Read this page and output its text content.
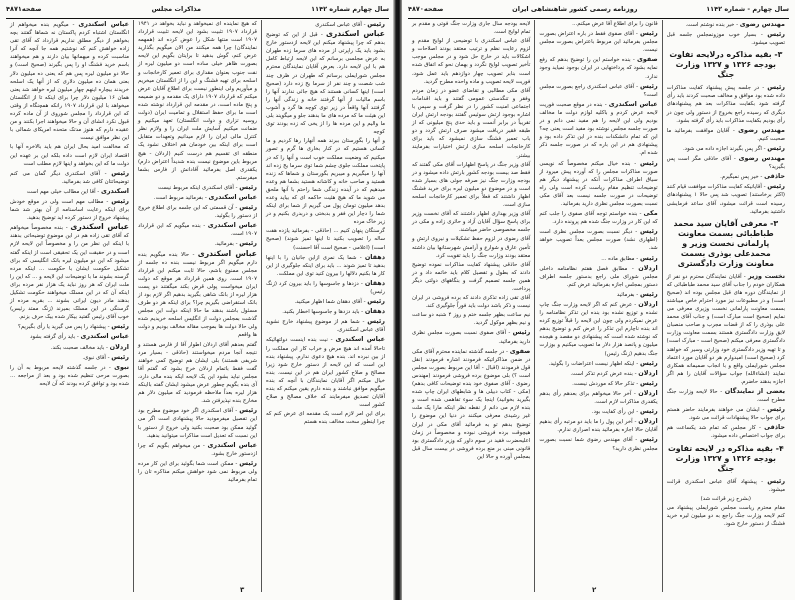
سال چهارم شماره ۱۱۴۲
مذاکرات مجلس
صفحه۴۸۷۱
رئیس - آقای عباس اسکندری
عباس اسکندری - قبل از این که توضیح بدهم که چرا پیشنهاد میکنم این لایحه ازدستور خارج بشود باید یک راپرتی از مرده های سرما زده طهران به عرض مجلسی برسانم که این لایحه ارتباط کامل هم با این لایحه دارد. بعرض آقایان نمایندگان محترم مجلس شورایملی برسانم که طهران در ظرف چند شب شصت و چند نفر از سرما یخ زده دارد (صحیح است) اینها کسانی هستند که هیچ جائی ندارند آنها را باسم مالیات از آنها گرفتند خانه و زندگی آنها را گرفتند آنها واقعاً در زیر توی کوچه ها گرد و آشوب این هیئت ما که مرده های ما بدهند جلو و میگویند بلی ما والیم و این مرده ها را از یخی که زده بودند توی کوچه
و آنها را بگورستان ببرند همه آنهارا رها کردیم و ما کسانی هستیم که در کنار بخاری ها گرم و تصور میکنیم که وضعیت مملکت خوب است و آنها را که در پایتخت مملکت جلوی چشم شما توی سرما یخ زده اند آنها را میگیریم و میبریم بگورستان و شماها که زنده هستید و صاحب خانه و کاشانه هستید بشما هم وعده میدهیم که در آینده زندگی شما راحتم با آنها ملحق می شوید ما که هیچ هئیت حاکمه ای که بیاید وعده بدهد میلیون تومان پول می گیریم از شما برای اینکه شما را دچار این فقر و بدبختی و دربدری بکنیم و در زیر خاک مرده
گرسنگان پنهان کنیم ... (حاذقی - بفرمائید یازده هفت ساله را تصویب بکنید تا اینها تمیز شوند) (صحیح است) (اعلامی - صحیح است آقا احسنت)
دهقان - شما یک نمری ازاین جانیان را با اینها بدهید تا تمیز شوند ... باید برای اینکه جلوگیری از این کار ها بکنیم دلالها را بیرون کنید توی این مملکت.
دهقان - دزدها و جاسوسها را باید بیرون کرد (زنگ رئیس)
رئیس - آقای دهقان شما اظهار میکنید.
دهقان - باید دزدها و جاسوسها اخطار بکنید.
رئیس - شما هم از موضوع پیشنهاد خارج نشوید آقای عباس اسکندری.
عباس اسکندری - نیت بنده اینست دولتهائیکه تاحالا آمده اند هیچ مرض و خراب کار این مملکت را از بین نبرده اند. بنده هیچ دعوی ندارم. پیشنهاد بنده این است که این لایحه از دستور خارج شود زیرا مصالح و صلاح کشور ایران هم در این نیست. بنده خیال میکنم اگر آقایان نمایندگان با آنچه که بنده میگویم موافق نباشند و بنده دارم یقین میکنم که بنده آقایان تصدیق میفرمایند که خلاف مصالح و صلاح کشور است
برای این امر لازم است یک مقدمه ای عرض کنم که چرا اینطور سخت مخالف بنده هستم
که هیچ نماینده ای نمیخواهد و نباید بخواهد در ۱۹۴۱ قرارداد ۱۹۰۷ تثبیت بشود این لایحه تثبیت قرارداد ۱۹۰۷ است منتها شکل را عوض کرده اند (همهمه نمایندگان) چرا همه میکنند من الان میگویم بگذارید عرض کنم، گوش بدهید تا برایتان بگویم این لایحه بصورت ظاهر خیلی ساده است دو میلیون لیره از نفت جنوب بعنوان مقداری برای تعمیر کارخانجات و اسلحه برای تهیه فشنگ و این را از انگلستان میخریم و میآوریم ولی اینطور نیست برای اطلاع آقایان عرض میکنم که قرارداد ۱۹۰۷ دارای یک مقدمه و دو ضمیمه و پنج ماده است، در مقدمه این قرارداد نوشته شده است ما برای حفظ استقلال و تمامیت ایران (دولت روسیه تزاری و دولت انگلستان) تعهد میکنیم و ضمانت میکنیم آسایش ملت ایران را و ولازم نظر کنترل مالی ایران را لازم میدانیم وتعهدات متقابل است برای اینکه بین خودمان هم اختلاف نشود یک منطقه ای تقسیم هم درست کنیم (اردلان - هیچ مربوط باین موضوع نیست بنده شدیداً اعتراض دارم) یکقدری اصل بفرمائید آقادانش از فارس بشما میفرستم.
رئیس - آقای اسکندری اینکه مربوط نیست
عباس اسکندری - بفرمائید مربوط است.
رئیس - آن قسمتی که این جلسه برای اطلاع خروج از دستور را بگوئید.
عباس اسکندری - بنده میگویم که این قرارداد ۱۹۰۷ است.
رئیس - بفرمائید.
عباس اسکندری - حالا بنده میگویم بنده دارم میگویم اگر مربوط نیست بنده ده جلسه از مجلس ممنوع باشم، حالا ثابت میکنم این قرارداد ۱۹۰۷ است. روی همین قرارداد هر موقع که دولت ایران میخواست پولی قرض بکند میگفتند دو پست هزار لیره از بانک شاهی بگیرید بدهیم اگر لازم بود از بانک استقراضی بگیریم چرا؟ برای اینکه هر دو طرف مسئول باشند بدهند ما حالا اینکه دولت این مجلس گذشت بمجلس دولت از انگلیس اسلحه خریدیم شده ولی حالا دولت ها بموجب مقاله مخالف بودیم و دولت ها واقعم
گفتم بعدهم آقای اردلان اطوار آقا از فارس هستند و نتیجه آنجا مردم میخواستند (حاذقی - بسیار مرد شریفی هستند) بلی ایشان هم توضیح کمی خواهند گفت فقط باتمام اردلان خرج بشود که گفتم آقا مجلس نباید بشود این یک لایحه ایکه بنده مالی دارد، آی بنده بگویم چطور عرض میشود ایشان گفته بااینکه هزار لیره بعداً ملاحظه فرمودید که میلیون دلار هم مخارج بنده نپذیرفتن شد.
رئیس - آقای اسکندری اگر خود موضوع مطرح بود این تفصیل میفرمودید حالا پیشنهادی است اگر می گوئید ممکن بود صحبت بکنید ولی خروج از دستور با این نسبت که تعدیل است مذاکرات میتوانید بدهید.
عباس اسکندری - من میخواهم بگویم که چرا ازدستور خارج بشود.
رئیس - ممکن است شما بگوئید برای این کار مرده ولی مربوط نمی شود خواهش میکنم مذاکره تان را تمام بفرمائید
عباس اسکندری - میگویم بنده میخواهم از انگلستان اشتباه کردم پاکستان نه شماها گفتند بچه بخواهم از دیگر مطلق نداریم قرارداد که آقای تقی زاده خواهش کنم که نوشتیم همه جا آنچه که آنرا مناسبت کرده و میهمانها بیان دارند و هم میخواهند باسم خرید فشنگ او را پس بگیرند (صحیح است) و حالا دو میلیون لیره پس هم که یعنی ده میلیون دلار بعنی همان ده میلیون دلاری که از آنها یک اسلحه خریدند بیچاره اینهم چهار میلیون لیره خواهد شد یعنی همان ۱۶ میلیون دلار چرا برای اینکه تا از انگلستان میخواهد با این قرارداد ۱۹۰۷ رانکه همچنگاه از وقتی که این قرارداد را مجلس شوروی از آن ماده کرده قبول نکرد انشای آن و حالا میخواهند اجرا بکنند و من عقیده دارم که هنوز مدتک متحده امریکای شمالی با این نظر موافق نیست
که مخالفت امید بحال ایران هم باید بالاخره آنها با اقتصاد ایران لازم است داده بلکه این بر عهده این دولت ما که این بخواهد و اینها لازم مطلب است
رئیس - آقای اسکندری دیگر گمان می کنم توضیحاتتان کافی شد بفرمائید.
اسکندری - آقا این مطالب خیلی مهم است
رئیس - مطالب مهم است ولی در موقع خودش برای اینکه رعایت اساسنامه از آن بهتر شد شما پیشنهاد خروج از دستور کرده اید توضیح بدهید.
عباس اسکندری - بنده مخصوصاً میخواهم که آقای تقی زاده هم در این موضوع توضیحاتی بدهند با اینکه این نظر من را و مخصوصاً این لایحه لازم است و در حقیقت این یک تحقیقی است از اینکه گفته میشود که این دو میلیون لیره بانک انگلیسی که برای تشکیل حکومت ایشان با حکومت ... اینکه مرده گرسنه بشوند ما با توضیحات این لایحه و ... که این را ملت ایران که هر روز نباید یک هزار نفر مرده برای اینکه آن که در این مسلک میخواهند حکومت تشکیل بدهند مادر دیون ایرانی بشوند ... بقریه مرده از گرسنگی در این مسلک بمیرند (زنگ ممتد رئیس) خوب آقای رئیس گفتید بیکار شده بیک حرف بزنم.
رئیس - پیشنهاد را پس می گیرید یا رأی بگیریم؟
عباس اسکندری - باید رأی گرفته بشود
اردلان - باید مخالف صحبت بکند.
رئیس - آقای نبوی.
نبوی - در جلسه گذشته لایحه مربوط به آن را بصورت مرحی تنظیم شده بود و بعد از مراجعه ... شده بود و توافق کرده بودند که آن لایحه
۳
سال چهارم - شماره ۱۱۴۲
روزنامه رسمی کشور شاهنشاهی ایران
صفحه۴۸۷۰
مهندس رضوی - خیر بنده نوشتم است.
رئیس - بسیار خوب موزونمجلس جلسه قبل تصویب میشود.
۳- بقیه مذاکره درلایحه تفاوت بودجه ۱۳۲۶ و ۱۳۲۷ وزارت جنگ
رئیس - در جلسه پیش پیشنهاد کفایت مذاکرات داده شده بود موافق و مخالف صحبت کردند باید رأی گرفته شود بکفایت مذاکرات بعد هم پیشنهادهای دیگری که رسیده راجع بخروج از دستور ولی چون در رأی بودیم بکفایت مذاکرات باید رأی گرفته بشود.
مهندس رضوی - آقایان موافقت بفرمائید ما صحبت کنیم.
رئیس - اگر پس بگیرند اجازه داده می شود.
مهندس رضوی - آقای حاذقی مگر است پس بگیرید؟
حاذقی - خیر پس نمیگیرم.
رئیس - آقایانیکه کفایت مذاکرات موافقت قیام کنند (اکثر برخاستند) تصویب شد پس حالا ۱ پیشنهادهای رسیده است قرائت میشود، آقای ساعد فرمایشی داشتید بفرمائید.
۳- معرفی آقایان سید محمد طباطبائی بسمت معاونت پارلمانی نخست وزیر و محمدعلی بوذری بسمت معاونت وزارت دادگستری
نخست وزیر - آقایان نمایندگان محترم دو نفر از همکاران خودم را جناب آقای سید محمد طباطبائی که از نمایندگان دوره های قبل مجلس بوده اند (صحیح است) و در مطبوعات نیز مورد احترام خاص میباشند بسمت معاونت پارلمانی نخست وزیری معرفی می نمایم (صحیح است مبارک است) و جناب آقای محمد علی بوذری را که از قضات مجرب و صاحب منصبان لایق وزارت دادگستری هستند بسمت معاونت وزارت دادگستری معرفی میکنم (صحیح است - مبارک است) و تا تهیه وزیر دادگستری خود وزارتی وسیر که خواهند کرد (صحیح است) امیدوارم هر دو آقایان مورد اعتماد مجلس شورایملی واقع و با انجاب صمیمانه همکاری نمایند (انشاءالله) جواب سؤالات آقایان را هم اگر اجازه بدهند حاضرم.
بعضی از نمایندگان - حالا لایحه وزارت جنگ مطرح است.
رئیس - ایشان می خواهند بفرمایند حاضر هستم برای جواب حالا پیشنهادات قرائت می شود.
حاذقی - کار مجلس که تمام شد یکساعت هم برای جواب اختصاص داده میشود.
۴- بقیه مذاکره در لایحه تفاوت بودجه ۱۳۲۶ و ۱۳۲۷ وزارت جنگ
رئیس - پیشنهاد آقای عباس اسکندری قرائت میشود.
(بشرح زیر قرائت شد)
مقام محترم ریاست مجلس شورایملی پیشنهاد می کنم لایحه وزارت جنگ راجع به دو میلیون لیره خرید فشنگ از دستور خارج شود.
قانون را برای اطلاع آقا عرض میکنم...
رئیس - آقای صفوی فقط در باره اعتراض بصورت مجلس بفرمائید این مربوط باعتراض بصورت مجلس نیست.
صفوی - بنده خواستم این را توضیح بدهم که رفع نمایه بشود که پرداختهایی در ایران بوجود نمیاید وجود ندارد.
رئیس - آقای عباس اسکندری راجع بصورت مجلس است؟
عباس اسکندری - بنده در موقع صحبت فوریت لایحه عرض کردم و باکلیه لوازم دولت ما مخالف بودیم ولی این لایحه را هم مفید نمی دانم و در صورت جلسه مجلس نوشته بود مفید است یعنی چه؟ این که تمام دانشکدات بنده در این تذکر داده بود و پیشنهادی هم در این باره که در صورت جلسه ذکر شده ام.
رئیس - بنده خیال میکنم مخصوصاً که نویسی صورت مذاکرات مجلس را که آورده پیش میرود از سیاق اطراف مذاکرات آنکه در پیشنهاد دیگر هم توضیحات تنظیم مقام ریاست کرده است ولی راه توضیحات در صورت جلسه نیست بعد آقای مکی نسبت بصورت مجلس نظری دارید بفرمائید.
مکی - بنده خواستم توجه آقای صفوی را جلب کنم که این کار در وزارت جنگ شده هم پرونده دارد.
رئیس - دیگر نسبت بصورت مجلس نظری است (اظهاری نشد) صورت مجلس بعداً تصویب خواهد شد.
رئیس - مطابق ماده ...
اردلان - مطابق فصل هفتم نظامنامه داخلی مجلس شورای ملی راجع بدستور جلسه اطراف دستور بمجلس اجازه بفرمائید عرض کنم.
رئیس - بفرمائید
اردلان - عرض کنم که اگر لایحه وزارت جنگ چاپ نشده و توزیع نشده بود بنده این تذکر نظامنامه را عرض نمیکردم ولی چون این لایحه را قبلاً توزیع کرده اند بنده ناچارم این تذکر را عرض کنم و توضیح بدهم که نوشته شده است که پیشنهادی دو مقصد و هیجده میلیون و پانصد هزار دلار ما تصویب میکنیم و بوزارت جنگ بدهیم (زنگ رئیس)
رئیس - اینکه اظهار نیست اعتراضات را بگوئید.
اردلان - بنده عرض کردم تذکر است.
رئیس - تذکر حالا که موردش نیست.
اردلان - آخر حالا میخواهم برای بعدهم رأی بدهم یکقدری مذاکرات لازم است.
رئیس - این رأی کفایت بود.
اردلان - آخر این پول را ما باید دو مرتبه رأی بدهیم آقایان حالا اجازه بفرمائید بنده اصراری ندارم.
رئیس - آقای مهندس رضوی شما نسبت بصورت مجلس نظری دارید؟
لایحه بودجه سال جاری وزارت جنگ فوتی و مقدم بر تمام لوایح است.
آقای عباس اسکندری با توضیحی از لوایح مقدم و لزوم رعایت نظم و ترتیب معتقد بودند اصلاحات و اشکالات باید در خارج حل شود و در مجلس موجب تأخیر تصویب لوایح نگردد و بهمان نحو که اتفاق شده است بنابر تصویب چهار دوازدهم باید عمل شود، فوریت لایحه تصویب و ماده واحده مطرح گردید.
آقای مکی مطالبی و تقاضای عضو در زمان مردم وفقر و تنگدستی عمومی گفتند و باید اقدامات اجتماعی امنیت کشور را در نظر گرفت و سپس با اشاره بوجود ارتش سوئیس گفتند بودجه ارتش ایران تقریباً در برابر آنست و باید حدی پنج میلیونی که از طبقه فقیر دریافت میشود صرف ارتش گردد و دو باب تعمیر فشنگ سازی نمیشود که باید برای کارخانجات اسلحه سازی ارتش اختیارات بفرمایند بیشتر.
آقای وزیر جنگ در پاسخ اظهارات آقای مکی گفتند که فقط صد بیست بودجه کشور بارتش داده میشود و در بودجه وزارت جنگ نیز صرفه جوئی های بسیار شده است و در موضوع دو میلیون لیره برای خرید فشنگ اظهار داشتند که فعلاً برای تعمیر کارخانجات اسلحه سازی است.
آقای وزیر بهداری اظهار داشتند که آقای نخست وزیر برای پاسخ سؤال آقایان آزاد و حائری زاده و مکی در جلسه مخصوصی حاضر میباشند.
آقای رضوی در لزوم حفظ تشکیلات و نیروی ارتش و تأمین عارق و شوارع و آرامش شهرستانها بیان داشته معتقد بودند وزارت جنگ را باید تقویت کرد.
آقای حاذقی پیشنهاد کفایت مذاکرات نموده توضیح دادند که بطول و تفصیل کلام باید خاتمه داد و در همین جلسه تصمیم گرفت و بنگاههای دولتی دیگر پرداخت.
آقای تقی زاده تذکری دادند که برده فروشی در ایران نیست و ذکر باشد دولت باید فوراً جلوگیری کند.
نیم ساعت بظهر جلسه ختم و روز ۴ شنبه دو ساعت و نیم بظهر موکول گردید.
رئیس - آقای صفوی نسبت بصورت مجلس نظری دارید بفرمائید.
صفوی - در جلسه گذشته نماینده محترم آقای مکی در ضمن مذاکراتیکه فرمودند اشاره فرمودند (نقل قول فرمودند (اقبال - آقا این مربوط بصورت مجلس است ؟) بلی موضوع برده فروشی فرمودند (مهندس رضوی - آقای صفوی خود بنده توضیحات کافی بدهم) (مکی - کتاب دبیلی ها و شابطهای ایران چاپ شده بگیرید بخوانید) اینجا یک سوء تفاهمی شده است و بنده لازم می دانم از نقطه نظر اینکه مارا یک ملت غیر رشیدی معرفی میکنند در دنیا این موضوع را توضیح بدهم تو به فرمائید آقای مکی در ایران هیچوقت برده فروشی نبوده و مخصوصاً در زمان اعلیحضرت فقید در سوم داور که وزیر دادگستری بود قانونی مبنی بر منع برده فروشی در بیست سال قبل بمجلس آورده و حالا این
۲
